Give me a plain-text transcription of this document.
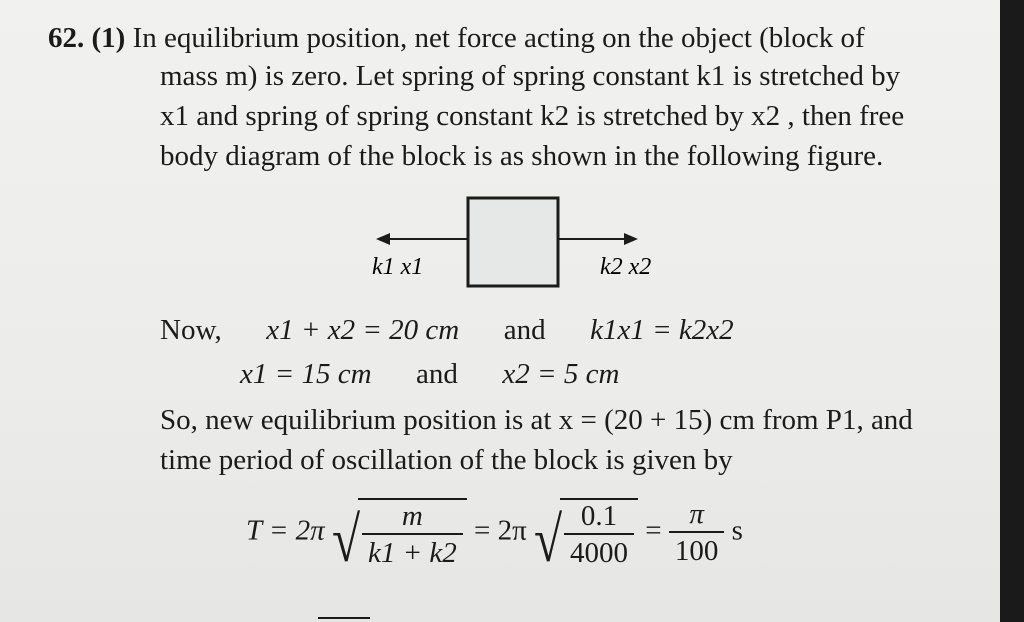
62. (1) In equilibrium position, net force acting on the object (block of
mass m) is zero. Let spring of spring constant k1 is stretched by
x1 and spring of spring constant k2 is stretched by x2 , then free
body diagram of the block is as shown in the following figure.
k1 x1	k2 x2
Now, x1 + x2 = 20 cm and k1x1 = k2x2
x1 = 15 cm and x2 = 5 cm
So, new equilibrium position is at x = (20 + 15) cm from P1, and
time period of oscillation of the block is given by
T = 2π √ $\frac{m}{k1 + k2} = 2\pi$ √ $\frac{0.1}{4000} = \frac{\pi}{100}$ s
